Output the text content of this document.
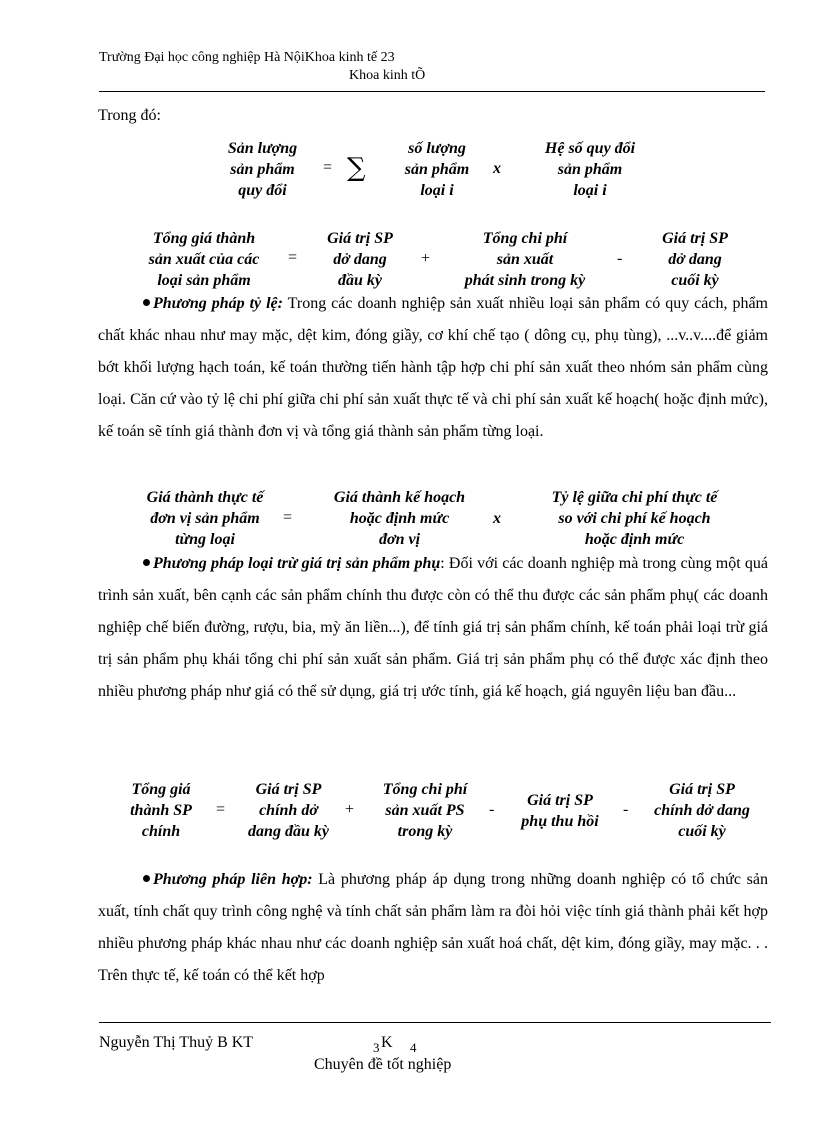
Trường Đại học công nghiệp Hà NộiKhoa kinh tế 23
Khoa kinh tÕ
Trong đó:
Sản lượng
sản phẩm
quy đổi
= ∑
số lượng
sản phẩm
loại i
x
Hệ số quy đổi
sản phẩm
loại i
Tổng giá thành
sản xuất của các
loại sản phẩm
=
Giá trị SP
dở dang
đầu kỳ
+
Tổng chi phí
sản xuất
phát sinh trong kỳ
-
Giá trị SP
dở dang
cuối kỳ
Phương pháp tỷ lệ: Trong các doanh nghiệp sản xuất nhiều loại sản phẩm có quy cách, phẩm chất khác nhau như may mặc, dệt kim, đóng giầy, cơ khí chế tạo ( dông cụ, phụ tùng), ...v..v....để giảm bớt khối lượng hạch toán, kế toán thường tiến hành tập hợp chi phí sản xuất theo nhóm sản phẩm cùng loại. Căn cứ vào tỷ lệ chi phí giữa chi phí sản xuất thực tế và chi phí sản xuất kế hoạch( hoặc định mức), kế toán sẽ tính giá thành đơn vị và tổng giá thành sản phẩm từng loại.
Giá thành thực tế
đơn vị sản phẩm
từng loại
=
Giá thành kế hoạch
hoặc định mức
đơn vị
x
Tỷ lệ giữa chi phí thực tế
so với chi phí kế hoạch
hoặc định mức
Phương pháp loại trừ giá trị sản phẩm phụ: Đối với các doanh nghiệp mà trong cùng một quá trình sản xuất, bên cạnh các sản phẩm chính thu được còn có thể thu được các sản phẩm phụ( các doanh nghiệp chế biến đường, rượu, bia, mỳ ăn liền...), để tính giá trị sản phẩm chính, kế toán phải loại trừ giá trị sản phẩm phụ khái tổng chi phí sản xuất sản phẩm. Giá trị sản phẩm phụ có thể được xác định theo nhiều phương pháp như giá có thể sử dụng, giá trị ước tính, giá kế hoạch, giá nguyên liệu ban đầu...
Tổng giá
thành SP
chính
=
Giá trị SP
chính dở
dang đầu kỳ
+
Tổng chi phí
sản xuất PS
trong kỳ
-
Giá trị SP
phụ thu hồi
-
Giá trị SP
chính dở dang
cuối kỳ
Phương pháp liên hợp: Là phương pháp áp dụng trong những doanh nghiệp có tổ chức sản xuất, tính chất quy trình công nghệ và tính chất sản phẩm làm ra đòi hỏi việc tính giá thành phải kết hợp nhiều phương pháp khác nhau như các doanh nghiệp sản xuất hoá chất, dệt kim, đóng giầy, may mặc. . . Trên thực tế, kế toán có thể kết hợp
Nguyễn Thị Thuỷ B KT	3 K 4
Chuyên đề tốt nghiệp
